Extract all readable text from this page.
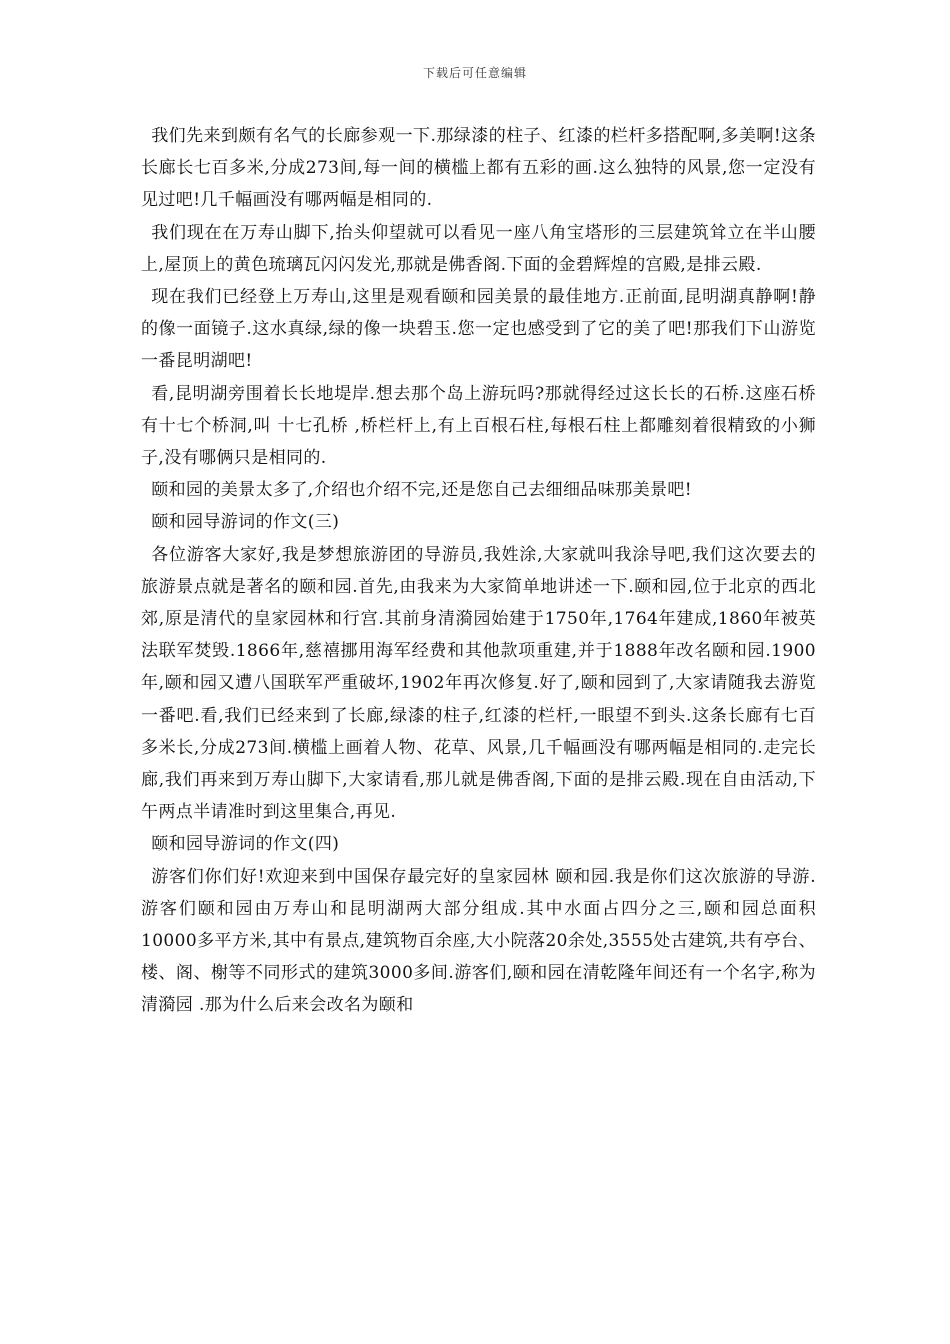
下载后可任意编辑

我们先来到颇有名气的长廊参观一下.那绿漆的柱子、红漆的栏杆多搭配啊,多美啊!这条长廊长七百多米,分成273间,每一间的横槛上都有五彩的画.这么独特的风景,您一定没有见过吧!几千幅画没有哪两幅是相同的.

我们现在在万寿山脚下,抬头仰望就可以看见一座八角宝塔形的三层建筑耸立在半山腰上,屋顶上的黄色琉璃瓦闪闪发光,那就是佛香阁.下面的金碧辉煌的宫殿,是排云殿.

现在我们已经登上万寿山,这里是观看颐和园美景的最佳地方.正前面,昆明湖真静啊!静的像一面镜子.这水真绿,绿的像一块碧玉.您一定也感受到了它的美了吧!那我们下山游览一番昆明湖吧!

看,昆明湖旁围着长长地堤岸.想去那个岛上游玩吗?那就得经过这长长的石桥.这座石桥有十七个桥洞,叫 十七孔桥 ,桥栏杆上,有上百根石柱,每根石柱上都雕刻着很精致的小狮子,没有哪俩只是相同的.

颐和园的美景太多了,介绍也介绍不完,还是您自己去细细品味那美景吧!

颐和园导游词的作文(三)

各位游客大家好,我是梦想旅游团的导游员,我姓涂,大家就叫我涂导吧,我们这次要去的旅游景点就是著名的颐和园.首先,由我来为大家简单地讲述一下.颐和园,位于北京的西北郊,原是清代的皇家园林和行宫.其前身清漪园始建于1750年,1764年建成,1860年被英法联军焚毁.1866年,慈禧挪用海军经费和其他款项重建,并于1888年改名颐和园.1900年,颐和园又遭八国联军严重破坏,1902年再次修复.好了,颐和园到了,大家请随我去游览一番吧.看,我们已经来到了长廊,绿漆的柱子,红漆的栏杆,一眼望不到头.这条长廊有七百多米长,分成273间.横槛上画着人物、花草、风景,几千幅画没有哪两幅是相同的.走完长廊,我们再来到万寿山脚下,大家请看,那儿就是佛香阁,下面的是排云殿.现在自由活动,下午两点半请准时到这里集合,再见.

颐和园导游词的作文(四)

游客们你们好!欢迎来到中国保存最完好的皇家园林 颐和园.我是你们这次旅游的导游.游客们颐和园由万寿山和昆明湖两大部分组成.其中水面占四分之三,颐和园总面积10000多平方米,其中有景点,建筑物百余座,大小院落20余处,3555处古建筑,共有亭台、楼、阁、榭等不同形式的建筑3000多间.游客们,颐和园在清乾隆年间还有一个名字,称为 清漪园 .那为什么后来会改名为颐和
